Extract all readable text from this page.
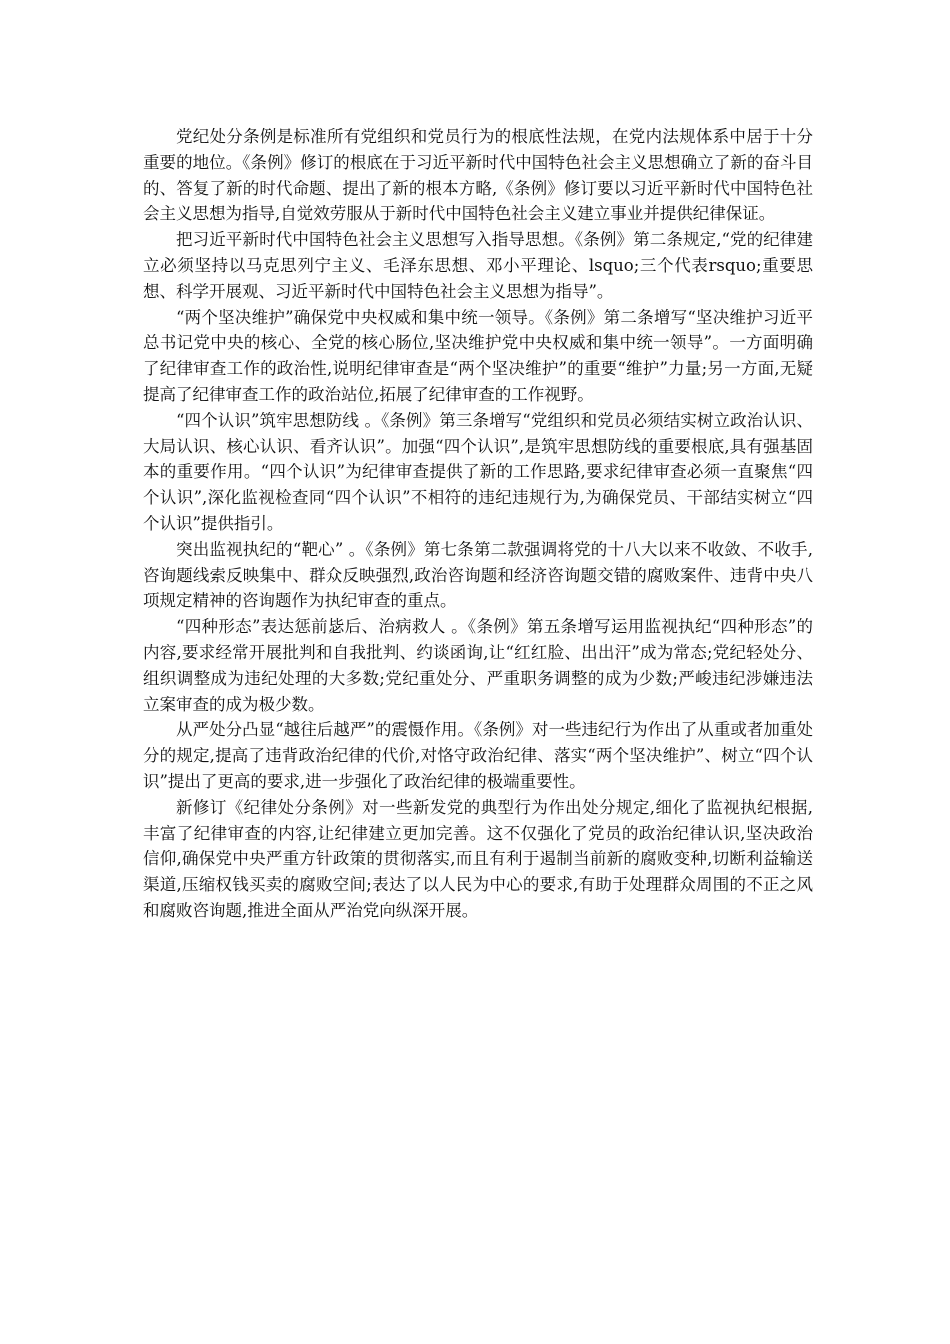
党纪处分条例是标准所有党组织和党员行为的根底性法规，在党内法规体系中居于十分重要的地位。《条例》修订的根底在于习近平新时代中国特色社会主义思想确立了新的奋斗目的、答复了新的时代命题、提出了新的根本方略,《条例》修订要以习近平新时代中国特色社会主义思想为指导,自觉效劳服从于新时代中国特色社会主义建立事业并提供纪律保证。

把习近平新时代中国特色社会主义思想写入指导思想。《条例》第二条规定,“党的纪律建立必须坚持以马克思列宁主义、毛泽东思想、邓小平理论、lsquo;三个代表rsquo;重要思想、科学开展观、习近平新时代中国特色社会主义思想为指导”。

“两个坚决维护”确保党中央权威和集中统一领导。《条例》第二条增写“坚决维护习近平总书记党中央的核心、全党的核心肠位,坚决维护党中央权威和集中统一领导”。一方面明确了纪律审查工作的政治性,说明纪律审查是“两个坚决维护”的重要“维护”力量;另一方面,无疑提高了纪律审查工作的政治站位,拓展了纪律审查的工作视野。

“四个认识”筑牢思想防线 。《条例》第三条增写“党组织和党员必须结实树立政治认识、大局认识、核心认识、看齐认识”。加强“四个认识”,是筑牢思想防线的重要根底,具有强基固本的重要作用。“四个认识”为纪律审查提供了新的工作思路,要求纪律审查必须一直聚焦“四个认识”,深化监视检查同“四个认识”不相符的违纪违规行为,为确保党员、干部结实树立“四个认识”提供指引。

突出监视执纪的“靶心” 。《条例》第七条第二款强调将党的十八大以来不收敛、不收手,咨询题线索反映集中、群众反映强烈,政治咨询题和经济咨询题交错的腐败案件、违背中央八项规定精神的咨询题作为执纪审查的重点。

“四种形态”表达惩前毖后、治病救人 。《条例》第五条增写运用监视执纪“四种形态”的内容,要求经常开展批判和自我批判、约谈函询,让“红红脸、出出汗”成为常态;党纪轻处分、组织调整成为违纪处理的大多数;党纪重处分、严重职务调整的成为少数;严峻违纪涉嫌违法立案审查的成为极少数。

从严处分凸显“越往后越严”的震慑作用。《条例》对一些违纪行为作出了从重或者加重处分的规定,提高了违背政治纪律的代价,对恪守政治纪律、落实“两个坚决维护”、树立“四个认识”提出了更高的要求,进一步强化了政治纪律的极端重要性。

新修订《纪律处分条例》对一些新发党的典型行为作出处分规定,细化了监视执纪根据,丰富了纪律审查的内容,让纪律建立更加完善。这不仅强化了党员的政治纪律认识,坚决政治信仰,确保党中央严重方针政策的贯彻落实,而且有利于遏制当前新的腐败变种,切断利益输送渠道,压缩权钱买卖的腐败空间;表达了以人民为中心的要求,有助于处理群众周围的不正之风和腐败咨询题,推进全面从严治党向纵深开展。
